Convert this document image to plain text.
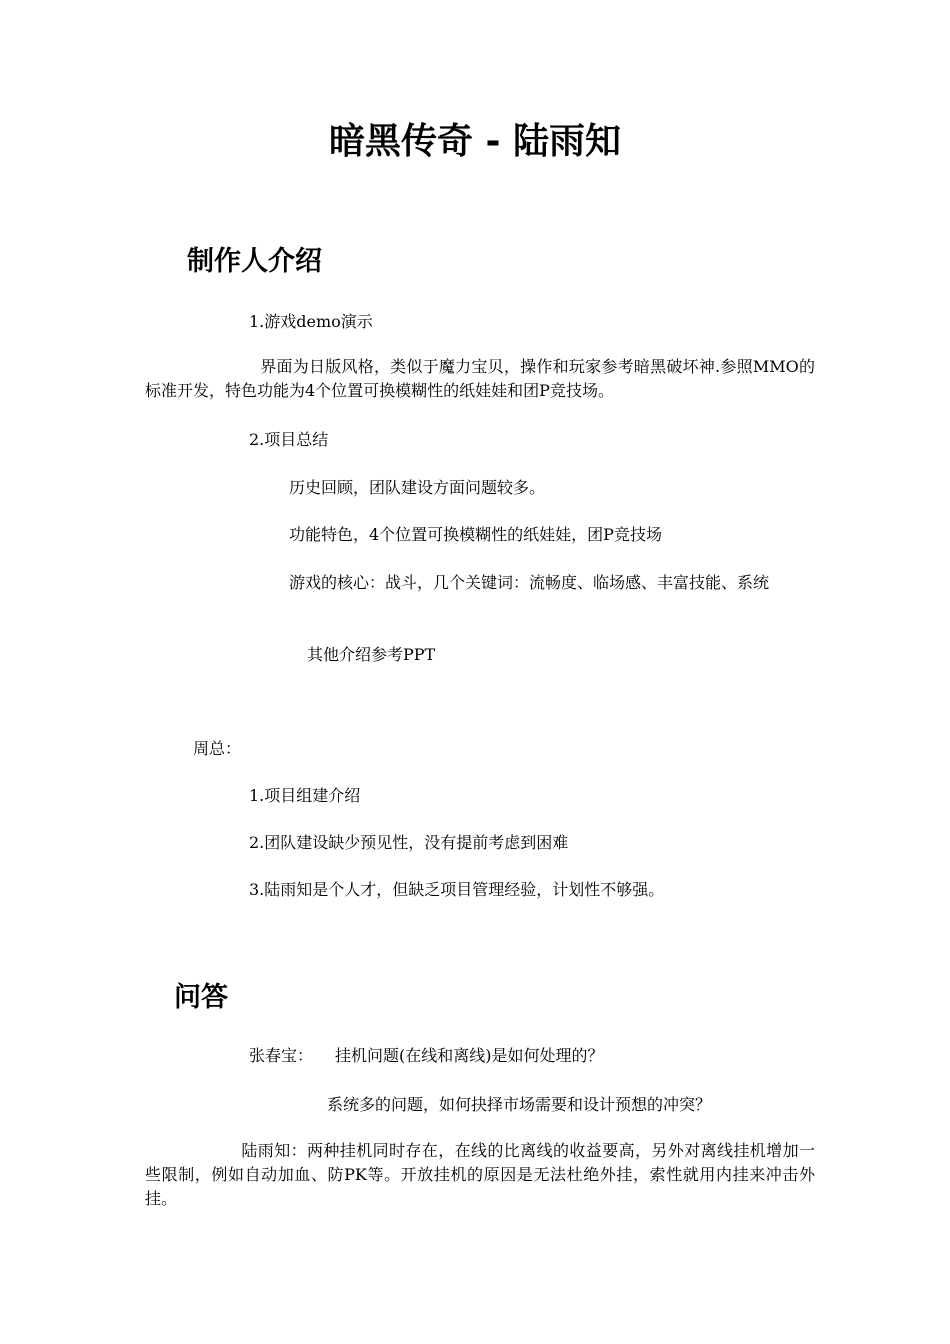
暗黑传奇 - 陆雨知
制作人介绍
1.游戏demo演示
界面为日版风格，类似于魔力宝贝，操作和玩家参考暗黑破坏神.参照MMO的标准开发，特色功能为4个位置可换模糊性的纸娃娃和团P竞技场。
2.项目总结
历史回顾，团队建设方面问题较多。
功能特色，4个位置可换模糊性的纸娃娃，团P竞技场
游戏的核心：战斗，几个关键词：流畅度、临场感、丰富技能、系统
其他介绍参考PPT
周总：
1.项目组建介绍
2.团队建设缺少预见性，没有提前考虑到困难
3.陆雨知是个人才，但缺乏项目管理经验，计划性不够强。
问答
张春宝： 挂机问题(在线和离线)是如何处理的？
系统多的问题，如何抉择市场需要和设计预想的冲突？
陆雨知：两种挂机同时存在，在线的比离线的收益要高，另外对离线挂机增加一些限制，例如自动加血、防PK等。开放挂机的原因是无法杜绝外挂，索性就用内挂来冲击外挂。
